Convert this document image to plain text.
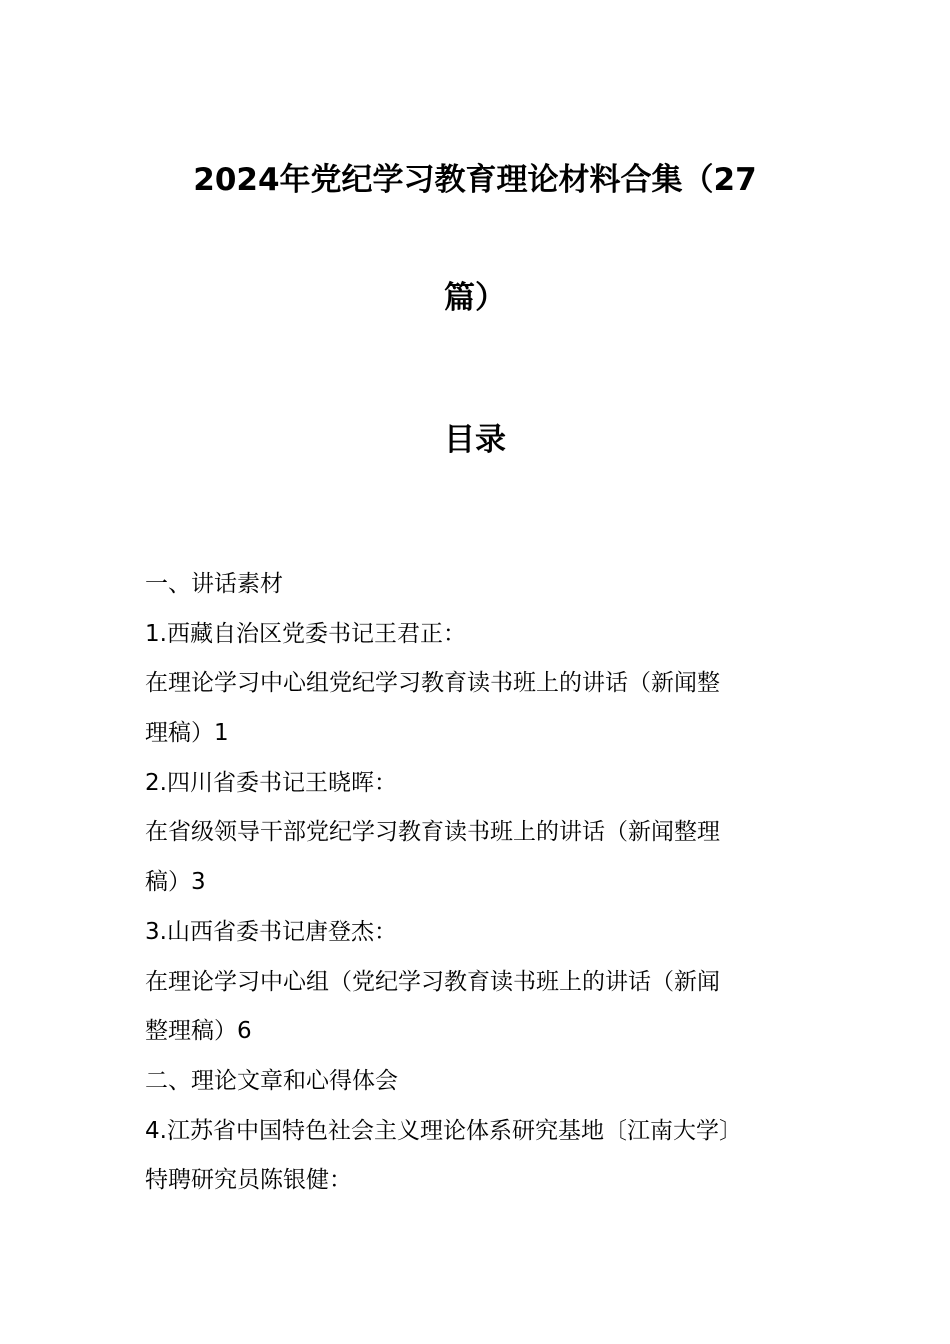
2024年党纪学习教育理论材料合集（27
篇）
目录
一、讲话素材
1.西藏自治区党委书记王君正：
在理论学习中心组党纪学习教育读书班上的讲话（新闻整
理稿）1
2.四川省委书记王晓晖：
在省级领导干部党纪学习教育读书班上的讲话（新闻整理
稿）3
3.山西省委书记唐登杰：
在理论学习中心组（党纪学习教育读书班上的讲话（新闻
整理稿）6
二、理论文章和心得体会
4.江苏省中国特色社会主义理论体系研究基地〔江南大学〕
特聘研究员陈银健：
